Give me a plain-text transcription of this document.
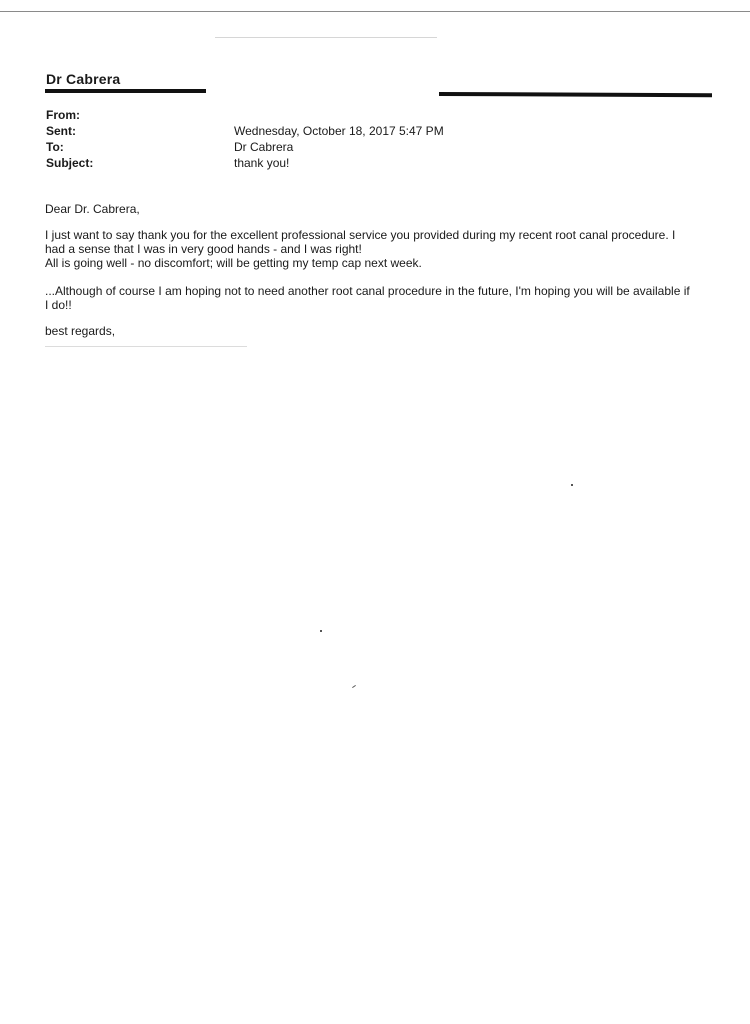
Dr Cabrera
From:
Sent:
To:
Subject:
Wednesday, October 18, 2017 5:47 PM
Dr Cabrera
thank you!

Dear Dr. Cabrera,

I just want to say thank you for the excellent professional service you provided during my recent root canal procedure. I

had a sense that I was in very good hands - and I was right!

All is going well - no discomfort; will be getting my temp cap next week.

...Although of course I am hoping not to need another root canal procedure in the future, I'm hoping you will be available if

I do!!

best regards,
